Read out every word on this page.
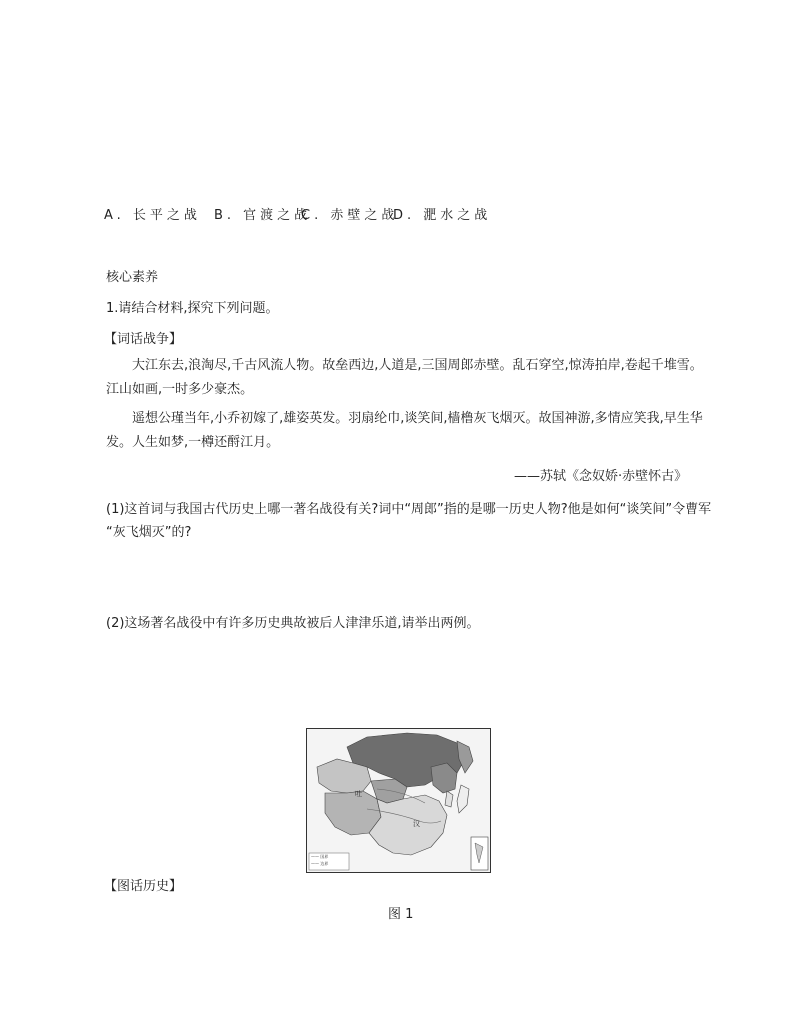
A. 长平之战 B. 官渡之战
C. 赤壁之战
D. 淝水之战
核心素养
1.请结合材料,探究下列问题。
【词话战争】
大江东去,浪淘尽,千古风流人物。故垒西边,人道是,三国周郎赤壁。乱石穿空,惊涛拍岸,卷起千堆雪。江山如画,一时多少豪杰。
遥想公瑾当年,小乔初嫁了,雄姿英发。羽扇纶巾,谈笑间,樯橹灰飞烟灭。故国神游,多情应笑我,早生华发。人生如梦,一樽还酹江月。
——苏轼《念奴娇·赤壁怀古》
(1)这首词与我国古代历史上哪一著名战役有关?词中“周郎”指的是哪一历史人物?他是如何“谈笑间”令曹军
“灰飞烟灭”的?
(2)这场著名战役中有许多历史典故被后人津津乐道,请举出两例。
吐
汉
—— 国界
—— 边界
【图话历史】
图 1
